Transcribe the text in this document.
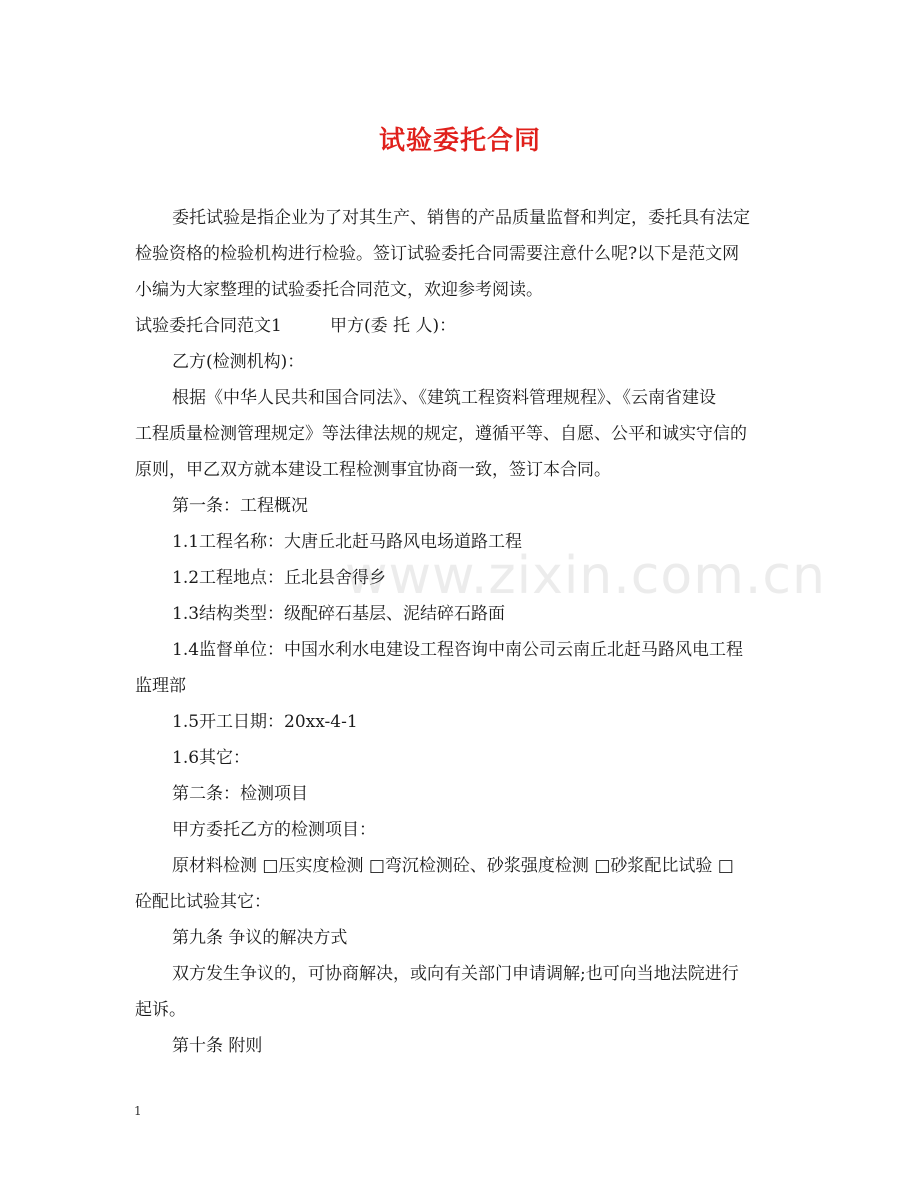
试验委托合同
www.zixin.com.cn
委托试验是指企业为了对其生产、销售的产品质量监督和判定，委托具有法定
检验资格的检验机构进行检验。签订试验委托合同需要注意什么呢?以下是范文网
小编为大家整理的试验委托合同范文，欢迎参考阅读。
试验委托合同范文1	甲方(委 托 人)：
乙方(检测机构)：
根据《中华人民共和国合同法》、《建筑工程资料管理规程》、《云南省建设
工程质量检测管理规定》等法律法规的规定，遵循平等、自愿、公平和诚实守信的
原则，甲乙双方就本建设工程检测事宜协商一致，签订本合同。
第一条：工程概况
1.1工程名称：大唐丘北赶马路风电场道路工程
1.2工程地点：丘北县舍得乡
1.3结构类型：级配碎石基层、泥结碎石路面
1.4监督单位：中国水利水电建设工程咨询中南公司云南丘北赶马路风电工程
监理部
1.5开工日期：20xx-4-1
1.6其它：
第二条：检测项目
甲方委托乙方的检测项目：
原材料检测 □压实度检测 □弯沉检测砼、砂浆强度检测 □砂浆配比试验 □
砼配比试验其它：
第九条 争议的解决方式
双方发生争议的，可协商解决，或向有关部门申请调解;也可向当地法院进行
起诉。
第十条 附则
1
